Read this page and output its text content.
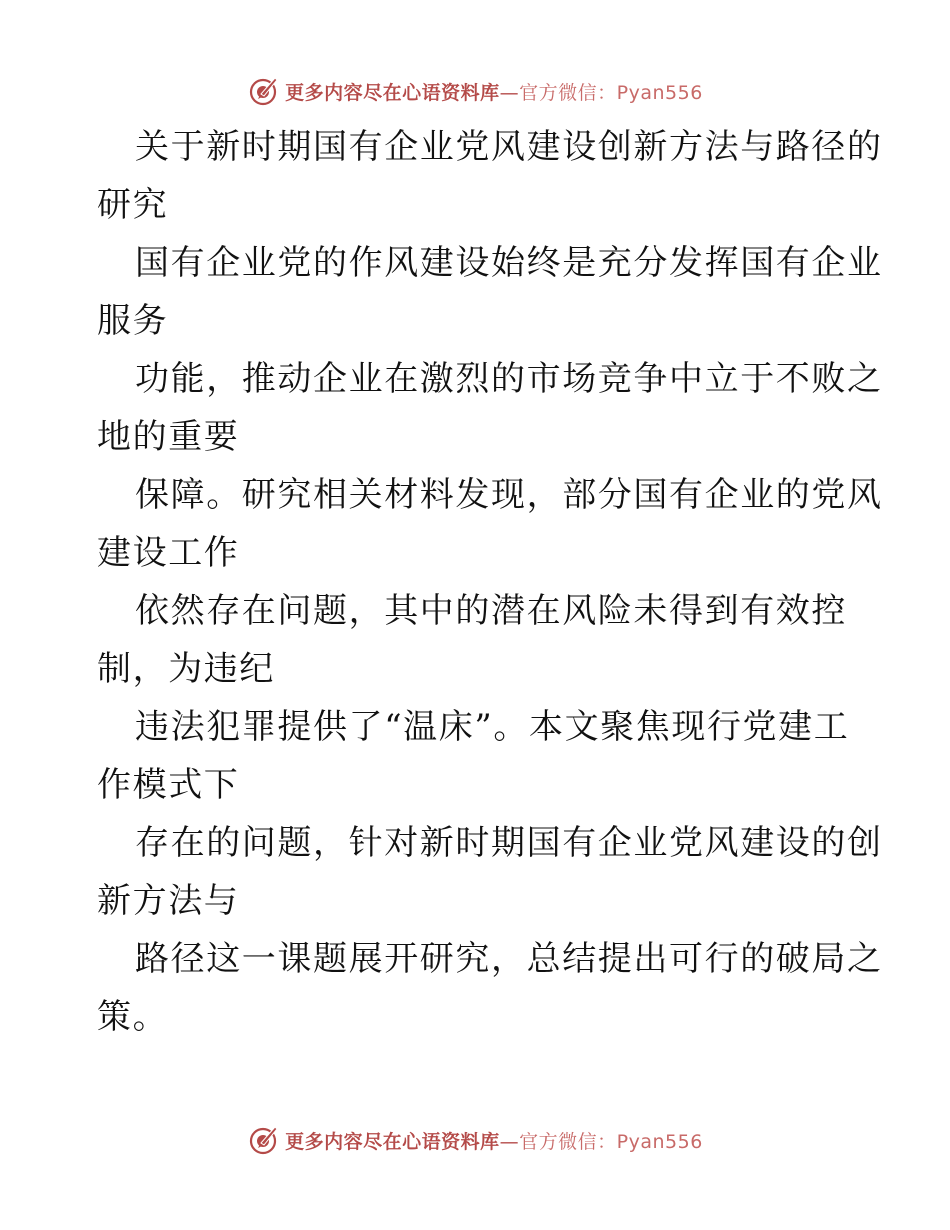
更多内容尽在心语资料库—官方微信：Pyan556
关于新时期国有企业党风建设创新方法与路径的
研究
国有企业党的作风建设始终是充分发挥国有企业
服务
功能，推动企业在激烈的市场竞争中立于不败之
地的重要
保障。研究相关材料发现，部分国有企业的党风
建设工作
依然存在问题，其中的潜在风险未得到有效控
制，为违纪
违法犯罪提供了“温床”。本文聚焦现行党建工
作模式下
存在的问题，针对新时期国有企业党风建设的创
新方法与
路径这一课题展开研究，总结提出可行的破局之
策。
更多内容尽在心语资料库—官方微信：Pyan556
